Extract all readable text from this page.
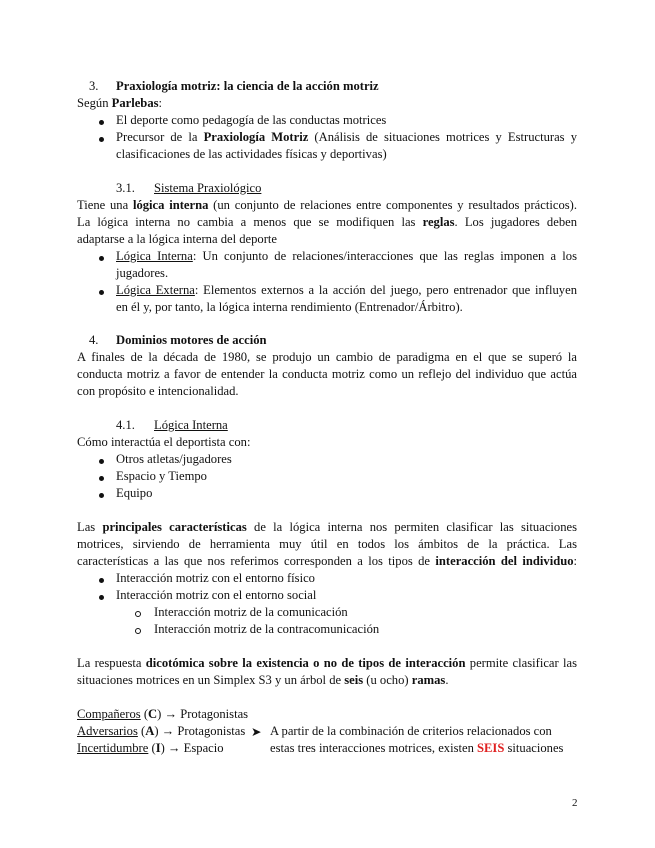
3. Praxiología motriz: la ciencia de la acción motriz
Según Parlebas:
El deporte como pedagogía de las conductas motrices
Precursor de la Praxiología Motriz (Análisis de situaciones motrices y Estructuras y
clasificaciones de las actividades físicas y deportivas)
3.1. Sistema Praxiológico
Tiene una lógica interna (un conjunto de relaciones entre componentes y resultados prácticos).
La lógica interna no cambia a menos que se modifiquen las reglas. Los jugadores deben
adaptarse a la lógica interna del deporte
Lógica Interna: Un conjunto de relaciones/interacciones que las reglas imponen a los
jugadores.
Lógica Externa: Elementos externos a la acción del juego, pero entrenador que influyen
en él y, por tanto, la lógica interna rendimiento (Entrenador/Árbitro).
4. Dominios motores de acción
A finales de la década de 1980, se produjo un cambio de paradigma en el que se superó la
conducta motriz a favor de entender la conducta motriz como un reflejo del individuo que actúa
con propósito e intencionalidad.
4.1. Lógica Interna
Cómo interactúa el deportista con:
Otros atletas/jugadores
Espacio y Tiempo
Equipo
Las principales características de la lógica interna nos permiten clasificar las situaciones
motrices, sirviendo de herramienta muy útil en todos los ámbitos de la práctica. Las
características a las que nos referimos corresponden a los tipos de interacción del individuo:
Interacción motriz con el entorno físico
Interacción motriz con el entorno social
Interacción motriz de la comunicación
Interacción motriz de la contracomunicación
La respuesta dicotómica sobre la existencia o no de tipos de interacción permite clasificar las
situaciones motrices en un Simplex S3 y un árbol de seis (u ocho) ramas.
Compañeros (C) → Protagonistas
Adversarios (A) → Protagonistas ➤
Incertidumbre (I) → Espacio
A partir de la combinación de criterios relacionados con
estas tres interacciones motrices, existen SEIS situaciones
2
